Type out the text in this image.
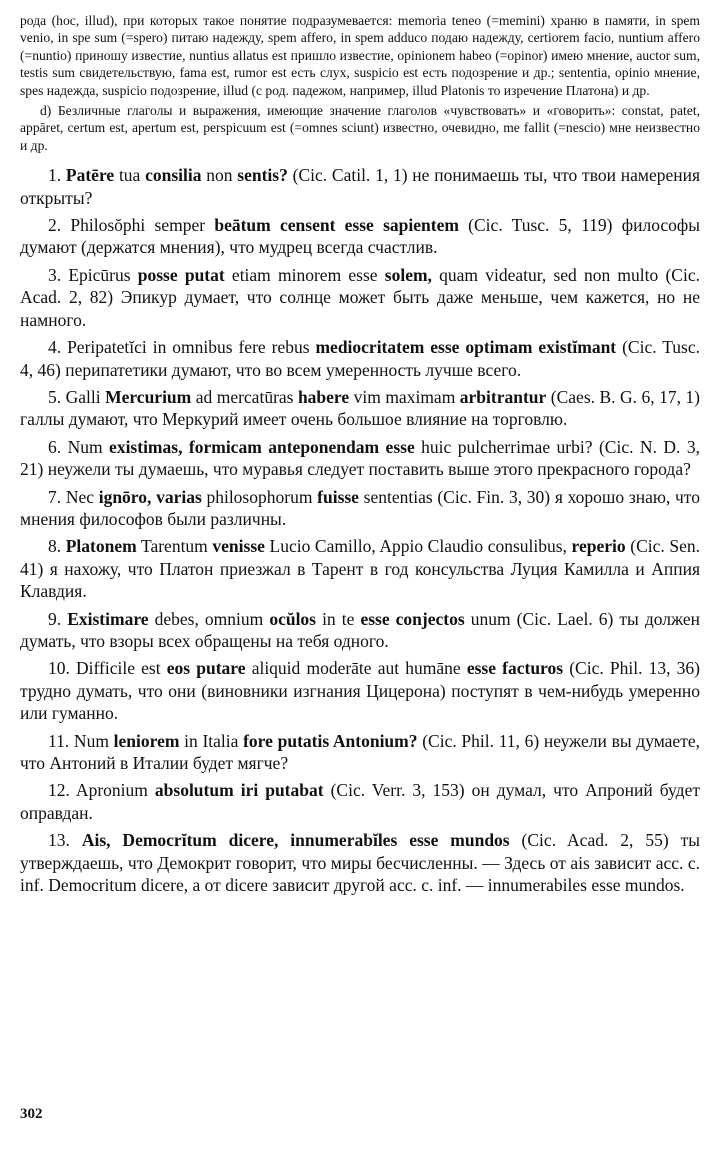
рода (hoc, illud), при которых такое понятие подразумевается: memoria teneo (=memini) храню в памяти, in spem venio, in spe sum (=spero) питаю надежду, spem affero, in spem adduco подаю надежду, certiorem facio, nuntium affero (=nuntio) приношу известие, nuntius allatus est пришло известие, opinionem habeo (=opinor) имею мнение, auctor sum, testis sum свидетельствую, fama est, rumor est есть слух, suspicio est есть подозрение и др.; sententia, opinio мнение, spes надежда, suspicio подозрение, illud (с род. падежом, например, illud Platonis то изречение Платона) и др.

d) Безличные глаголы и выражения, имеющие значение глаголов «чувствовать» и «говорить»: constat, patet, appāret, certum est, apertum est, perspicuum est (=omnes sciunt) известно, очевидно, me fallit (=nescio) мне неизвестно и др.

1. Patēre tua consilia non sentis? (Cic. Catil. 1, 1) не понимаешь ты, что твои намерения открыты?

2. Philosŏphi semper beātum censent esse sapientem (Cic. Tusc. 5, 119) философы думают (держатся мнения), что мудрец всегда счастлив.

3. Epicūrus posse putat etiam minorem esse solem, quam videatur, sed non multo (Cic. Acad. 2, 82) Эпикур думает, что солнце может быть даже меньше, чем кажется, но не намного.

4. Peripatetĭci in omnibus fere rebus mediocritatem esse optimam existĭmant (Cic. Tusc. 4, 46) перипатетики думают, что во всем умеренность лучше всего.

5. Galli Mercurium ad mercatūras habere vim maximam arbitrantur (Caes. B. G. 6, 17, 1) галлы думают, что Меркурий имеет очень большое влияние на торговлю.

6. Num existimas, formicam anteponendam esse huic pulcherrimae urbi? (Cic. N. D. 3, 21) неужели ты думаешь, что муравья следует поставить выше этого прекрасного города?

7. Nec ignōro, varias philosophorum fuisse sententias (Cic. Fin. 3, 30) я хорошо знаю, что мнения философов были различны.

8. Platonem Tarentum venisse Lucio Camillo, Appio Claudio consulibus, reperio (Cic. Sen. 41) я нахожу, что Платон приезжал в Тарент в год консульства Луция Камилла и Аппия Клавдия.

9. Existimare debes, omnium ocŭlos in te esse conjectos unum (Cic. Lael. 6) ты должен думать, что взоры всех обращены на тебя одного.

10. Difficile est eos putare aliquid moderāte aut humāne esse facturos (Cic. Phil. 13, 36) трудно думать, что они (виновники изгнания Цицерона) поступят в чем-нибудь умеренно или гуманно.

11. Num leniorem in Italia fore putatis Antonium? (Cic. Phil. 11, 6) неужели вы думаете, что Антоний в Италии будет мягче?

12. Apronium absolutum iri putabat (Cic. Verr. 3, 153) он думал, что Апроний будет оправдан.

13. Ais, Democrĭtum dicere, innumerabĭles esse mundos (Cic. Acad. 2, 55) ты утверждаешь, что Демокрит говорит, что миры бесчисленны. — Здесь от ais зависит acc. c. inf. Democritum dicere, а от dicere зависит другой acc. c. inf. — innumerabiles esse mundos.

302
